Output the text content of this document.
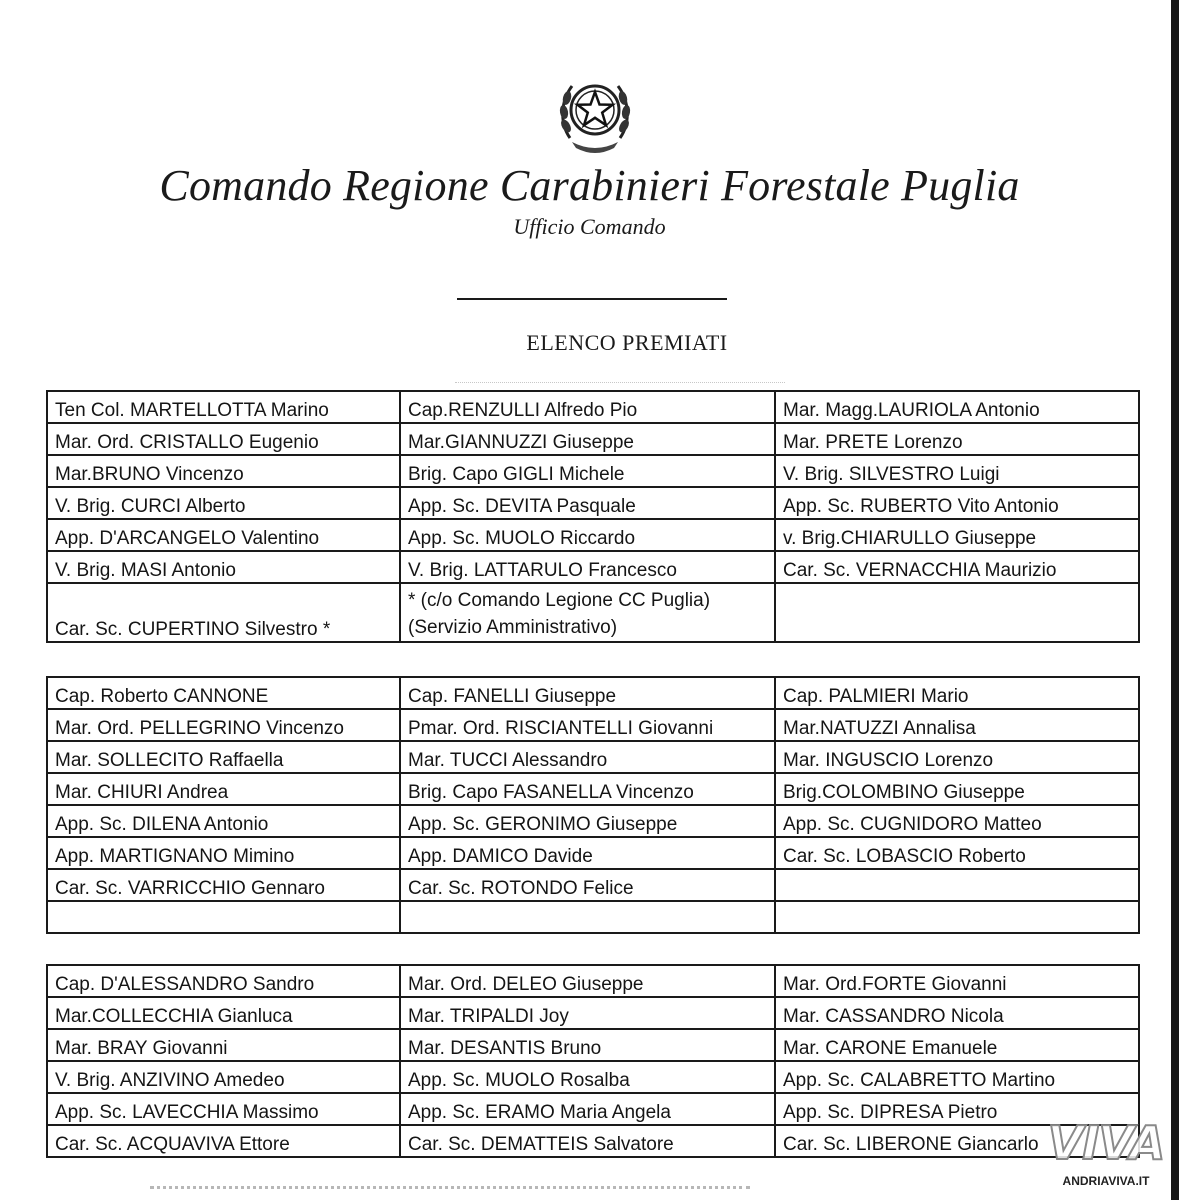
Comando Regione Carabinieri Forestale Puglia
Ufficio Comando
ELENCO PREMIATI
Ten Col. MARTELLOTTA Marino	Cap.RENZULLI Alfredo Pio	Mar. Magg.LAURIOLA Antonio
Mar. Ord. CRISTALLO Eugenio	Mar.GIANNUZZI Giuseppe	Mar. PRETE Lorenzo
Mar.BRUNO Vincenzo	Brig. Capo GIGLI Michele	V. Brig. SILVESTRO Luigi
V. Brig. CURCI Alberto	App. Sc. DEVITA Pasquale	App. Sc. RUBERTO Vito Antonio
App. D'ARCANGELO Valentino	App. Sc. MUOLO Riccardo	v. Brig.CHIARULLO Giuseppe
V. Brig. MASI Antonio	V. Brig. LATTARULO Francesco	Car. Sc. VERNACCHIA Maurizio
Car. Sc. CUPERTINO Silvestro *	* (c/o Comando Legione CC Puglia)
(Servizio Amministrativo)	

Cap. Roberto CANNONE	Cap. FANELLI Giuseppe	Cap. PALMIERI Mario
Mar. Ord. PELLEGRINO Vincenzo	Pmar. Ord. RISCIANTELLI Giovanni	Mar.NATUZZI Annalisa
Mar. SOLLECITO Raffaella	Mar. TUCCI Alessandro	Mar. INGUSCIO Lorenzo
Mar. CHIURI Andrea	Brig. Capo FASANELLA Vincenzo	Brig.COLOMBINO Giuseppe
App. Sc. DILENA Antonio	App. Sc. GERONIMO Giuseppe	App. Sc. CUGNIDORO Matteo
App. MARTIGNANO Mimino	App. DAMICO Davide	Car. Sc. LOBASCIO Roberto
Car. Sc. VARRICCHIO Gennaro	Car. Sc. ROTONDO Felice	

Cap. D'ALESSANDRO Sandro	Mar. Ord. DELEO Giuseppe	Mar. Ord.FORTE Giovanni
Mar.COLLECCHIA Gianluca	Mar. TRIPALDI Joy	Mar. CASSANDRO Nicola
Mar. BRAY Giovanni	Mar. DESANTIS Bruno	Mar. CARONE Emanuele
V. Brig. ANZIVINO Amedeo	App. Sc. MUOLO Rosalba	App. Sc. CALABRETTO Martino
App. Sc. LAVECCHIA Massimo	App. Sc. ERAMO Maria Angela	App. Sc. DIPRESA Pietro
Car. Sc. ACQUAVIVA Ettore	Car. Sc. DEMATTEIS Salvatore	Car. Sc. LIBERONE Giancarlo VIVA
ANDRIAVIVA.IT
